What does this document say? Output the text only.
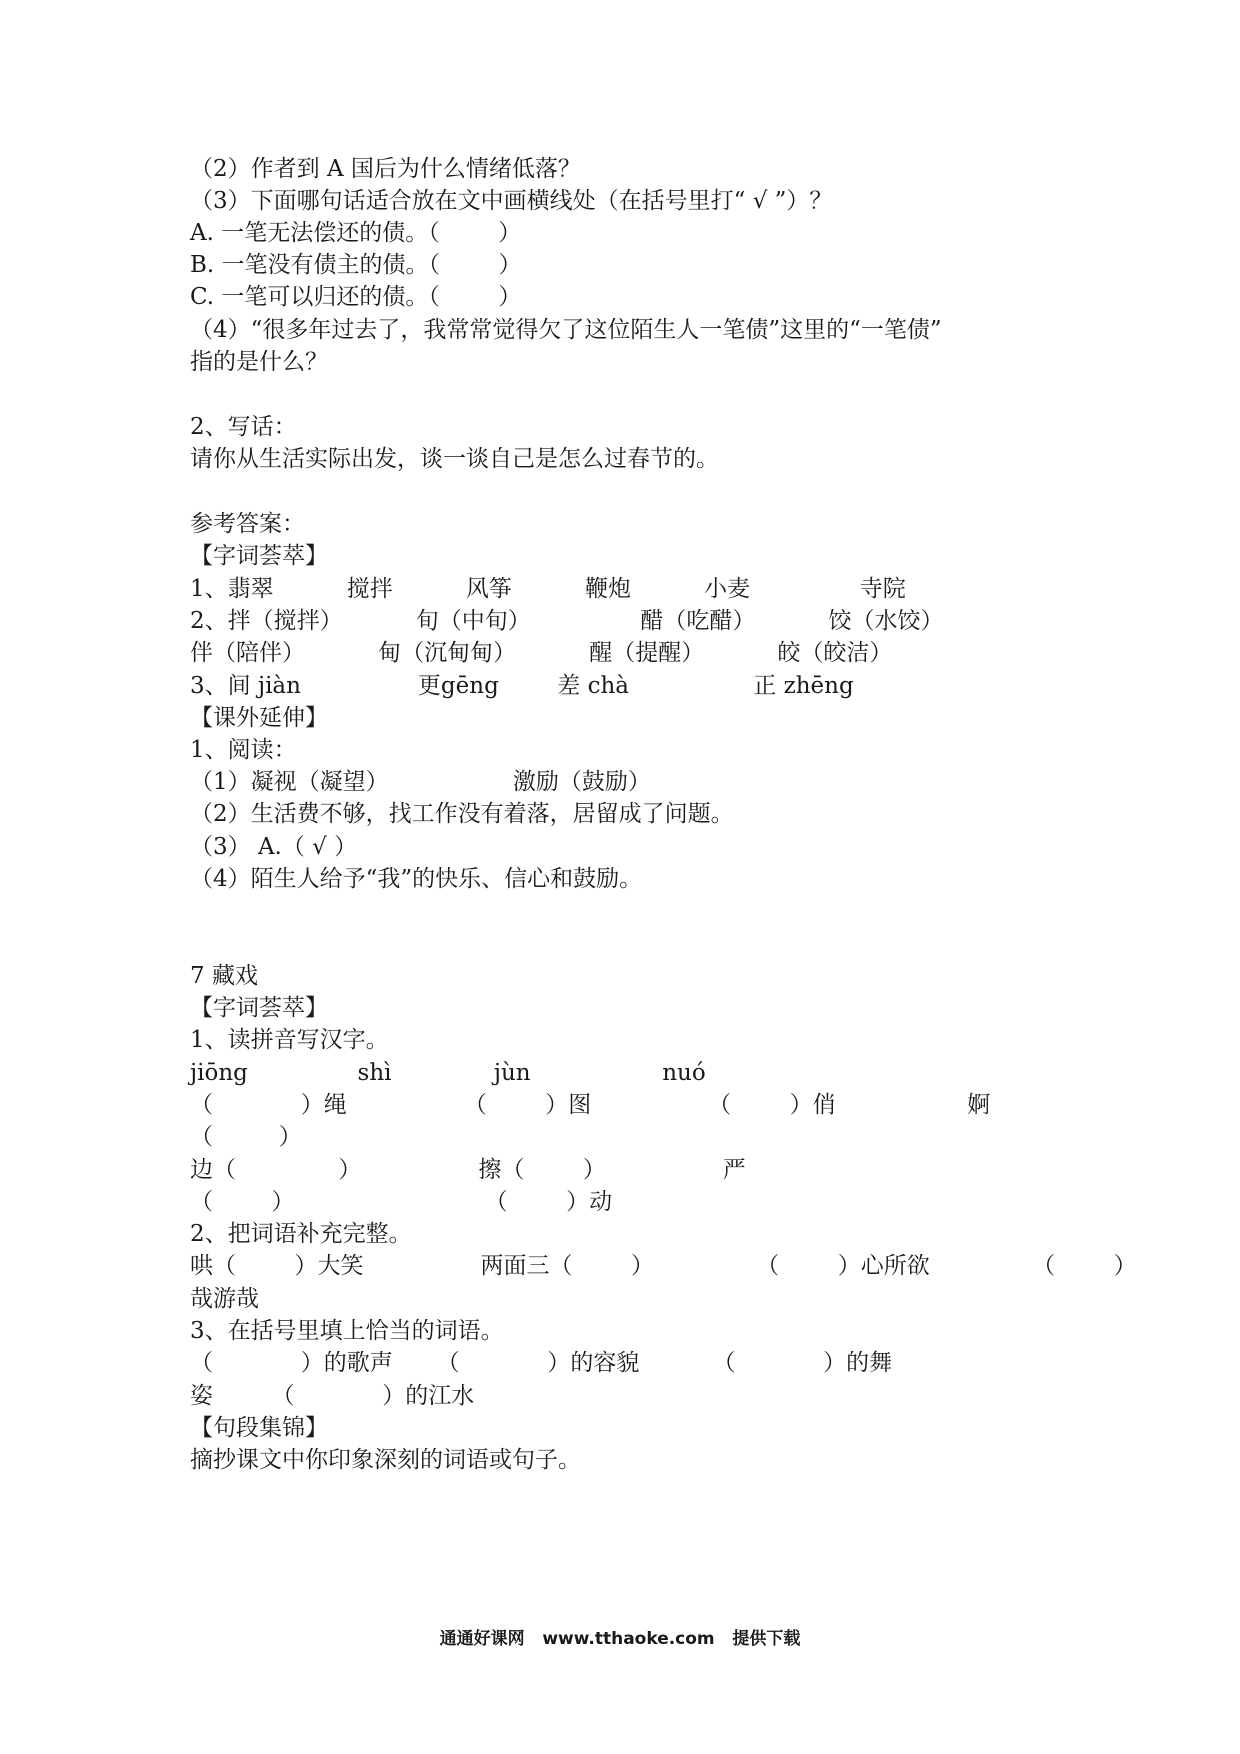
（2）作者到 A 国后为什么情绪低落？
（3）下面哪句话适合放在文中画横线处（在括号里打“ √ ”）？
A. 一笔无法偿还的债。（        ）
B. 一笔没有债主的债。（        ）
C. 一笔可以归还的债。（        ）
（4）“很多年过去了，我常常觉得欠了这位陌生人一笔债”这里的“一笔债”
指的是什么？
2、写话：
请你从生活实际出发，谈一谈自己是怎么过春节的。
参考答案：
【字词荟萃】
1、翡翠          搅拌          风筝          鞭炮          小麦               寺院
2、拌（搅拌）          旬（中旬）               醋（吃醋）          饺（水饺）
伴（陪伴）          甸（沉甸甸）          醒（提醒）          皎（皎洁）
3、间 jiàn                更gēng        差 chà                 正 zhēng
【课外延伸】
1、阅读：
（1）凝视（凝望）                 激励（鼓励）
（2）生活费不够，找工作没有着落，居留成了问题。
（3） A.（ √ ）
（4）陌生人给予“我”的快乐、信心和鼓励。
7 藏戏
【字词荟萃】
1、读拼音写汉字。
jiōng               shì              jùn                  nuó
（            ）绳                （        ）图                （        ）俏                  婀
（         ）
边（              ）                擦（        ）                严
（        ）                          （        ）动
2、把词语补充完整。
哄（        ）大笑                两面三（        ）              （        ）心所欲              （        ）
哉游哉
3、在括号里填上恰当的词语。
（            ）的歌声      （            ）的容貌          （            ）的舞
姿        （            ）的江水
【句段集锦】
摘抄课文中你印象深刻的词语或句子。
通通好课网   www.tthaoke.com   提供下载
